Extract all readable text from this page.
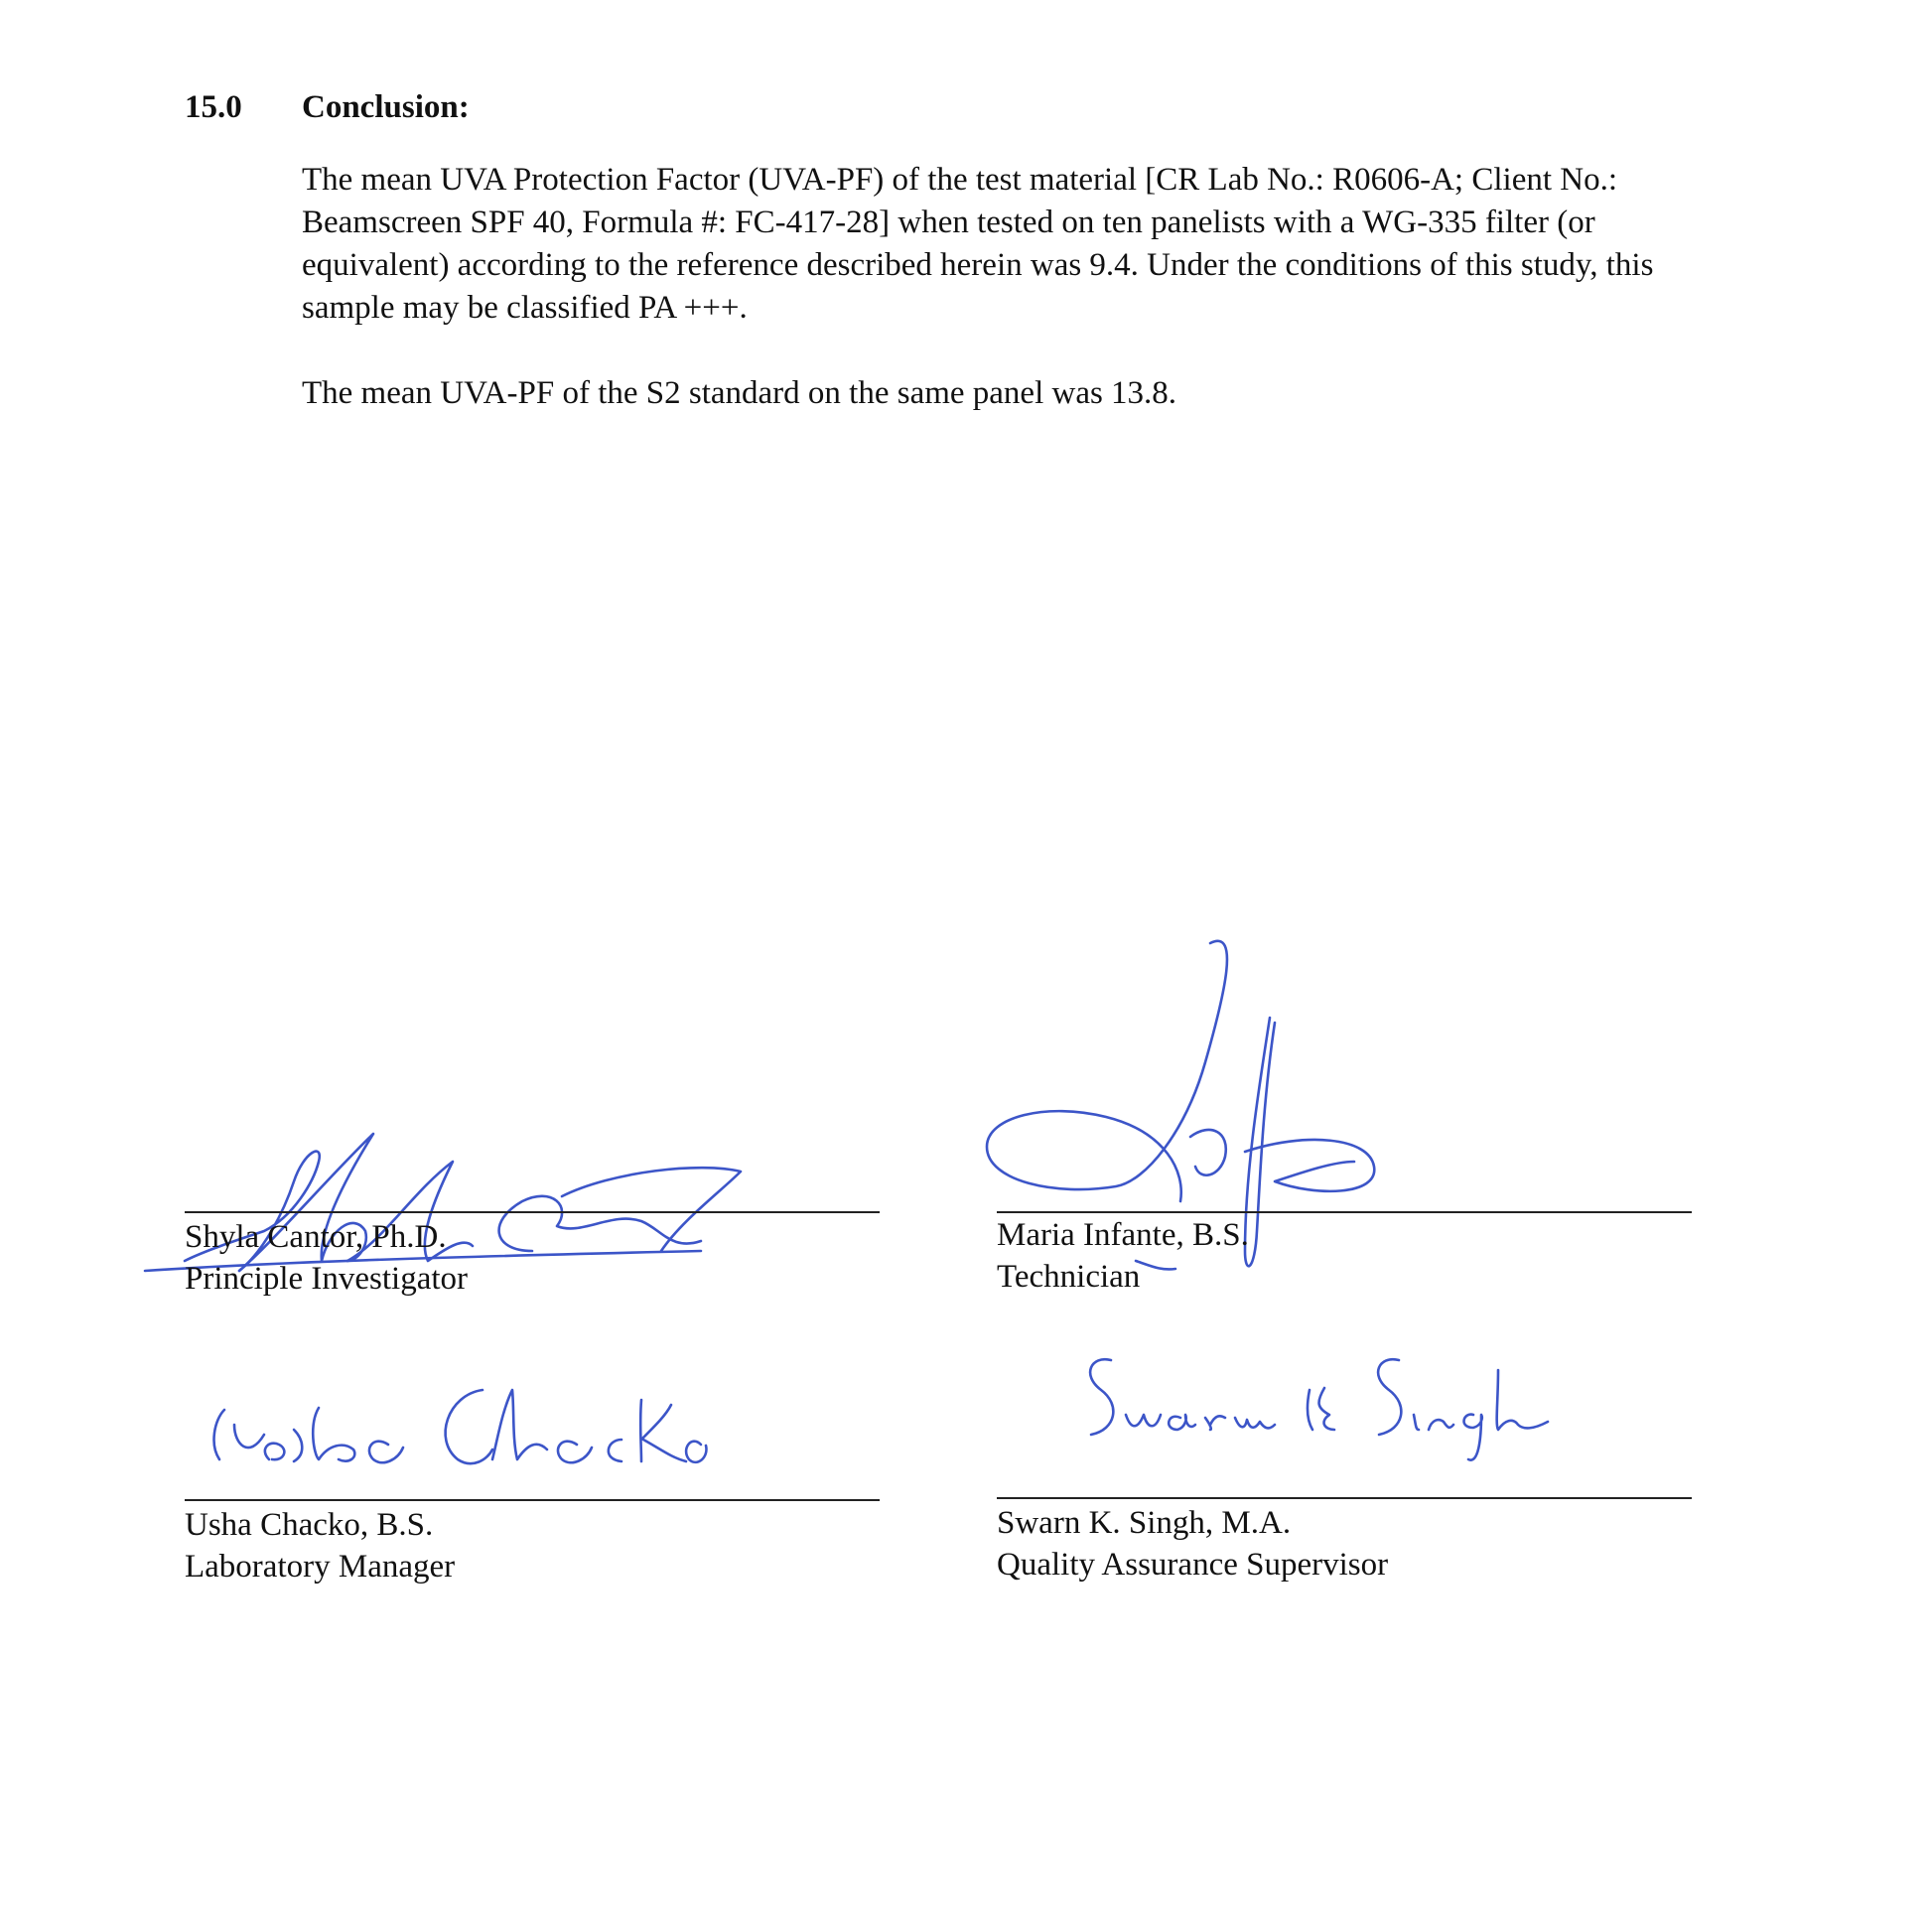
15.0 Conclusion:

The mean UVA Protection Factor (UVA-PF) of the test material [CR Lab No.: R0606-A; Client No.: Beamscreen SPF 40, Formula #: FC-417-28] when tested on ten panelists with a WG-335 filter (or equivalent) according to the reference described herein was 9.4. Under the conditions of this study, this sample may be classified PA +++.

The mean UVA-PF of the S2 standard on the same panel was 13.8.

Shyla Cantor, Ph.D.
Principle Investigator
Maria Infante, B.S.
Technician
Usha Chacko, B.S.
Laboratory Manager
Swarn K. Singh, M.A.
Quality Assurance Supervisor
